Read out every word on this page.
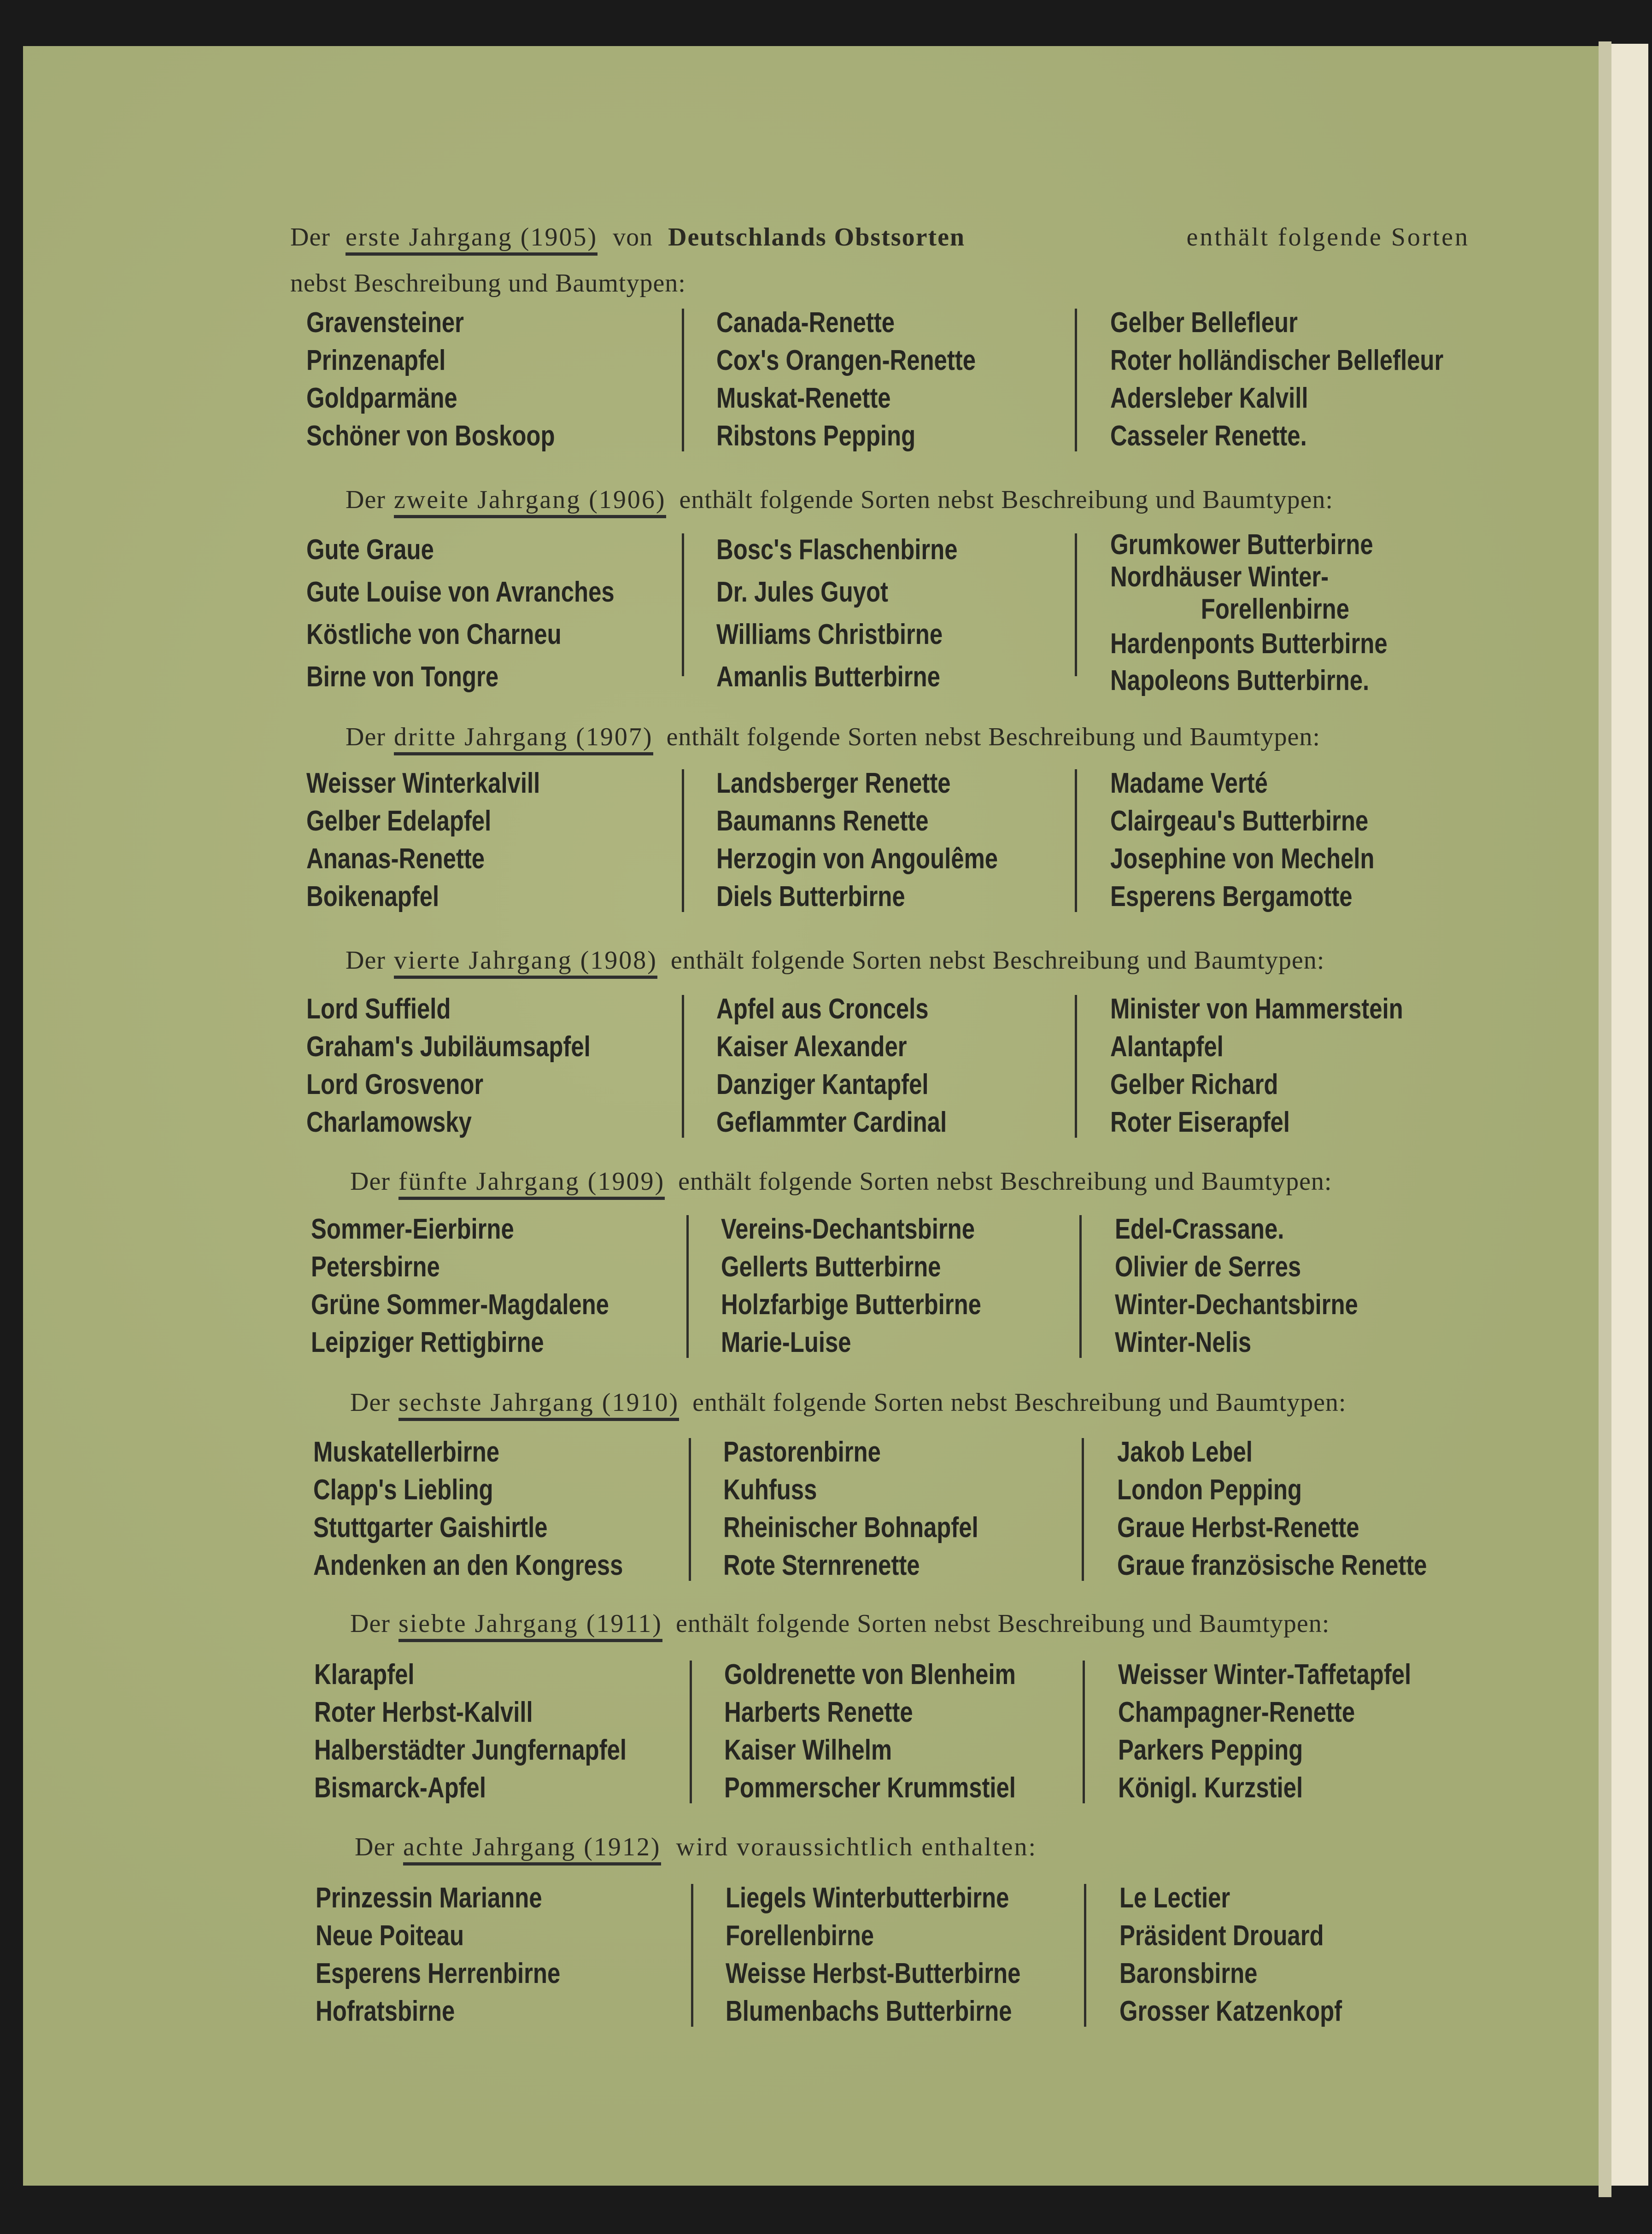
Der erste Jahrgang (1905) von Deutschlands Obstsorten	enthält folgende Sorten
nebst Beschreibung und Baumtypen:
Gravensteiner
Prinzenapfel
Goldparmäne
Schöner von Boskoop
Canada-Renette
Cox's Orangen-Renette
Muskat-Renette
Ribstons Pepping
Gelber Bellefleur
Roter holländischer Bellefleur
Adersleber Kalvill
Casseler Renette.
Der zweite Jahrgang (1906) enthält folgende Sorten nebst Beschreibung und Baumtypen:
Gute Graue
Gute Louise von Avranches
Köstliche von Charneu
Birne von Tongre
Bosc's Flaschenbirne
Dr. Jules Guyot
Williams Christbirne
Amanlis Butterbirne
Grumkower Butterbirne
Nordhäuser Winter-
Forellenbirne
Hardenponts Butterbirne
Napoleons Butterbirne.
Der dritte Jahrgang (1907) enthält folgende Sorten nebst Beschreibung und Baumtypen:
Weisser Winterkalvill
Gelber Edelapfel
Ananas-Renette
Boikenapfel
Landsberger Renette
Baumanns Renette
Herzogin von Angoulême
Diels Butterbirne
Madame Verté
Clairgeau's Butterbirne
Josephine von Mecheln
Esperens Bergamotte
Der vierte Jahrgang (1908) enthält folgende Sorten nebst Beschreibung und Baumtypen:
Lord Suffield
Graham's Jubiläumsapfel
Lord Grosvenor
Charlamowsky
Apfel aus Croncels
Kaiser Alexander
Danziger Kantapfel
Geflammter Cardinal
Minister von Hammerstein
Alantapfel
Gelber Richard
Roter Eiserapfel
Der fünfte Jahrgang (1909) enthält folgende Sorten nebst Beschreibung und Baumtypen:
Sommer-Eierbirne
Petersbirne
Grüne Sommer-Magdalene
Leipziger Rettigbirne
Vereins-Dechantsbirne
Gellerts Butterbirne
Holzfarbige Butterbirne
Marie-Luise
Edel-Crassane.
Olivier de Serres
Winter-Dechantsbirne
Winter-Nelis
Der sechste Jahrgang (1910) enthält folgende Sorten nebst Beschreibung und Baumtypen:
Muskatellerbirne
Clapp's Liebling
Stuttgarter Gaishirtle
Andenken an den Kongress
Pastorenbirne
Kuhfuss
Rheinischer Bohnapfel
Rote Sternrenette
Jakob Lebel
London Pepping
Graue Herbst-Renette
Graue französische Renette
Der siebte Jahrgang (1911) enthält folgende Sorten nebst Beschreibung und Baumtypen:
Klarapfel
Roter Herbst-Kalvill
Halberstädter Jungfernapfel
Bismarck-Apfel
Goldrenette von Blenheim
Harberts Renette
Kaiser Wilhelm
Pommerscher Krummstiel
Weisser Winter-Taffetapfel
Champagner-Renette
Parkers Pepping
Königl. Kurzstiel
Der achte Jahrgang (1912) wird voraussichtlich enthalten:
Prinzessin Marianne
Neue Poiteau
Esperens Herrenbirne
Hofratsbirne
Liegels Winterbutterbirne
Forellenbirne
Weisse Herbst-Butterbirne
Blumenbachs Butterbirne
Le Lectier
Präsident Drouard
Baronsbirne
Grosser Katzenkopf
